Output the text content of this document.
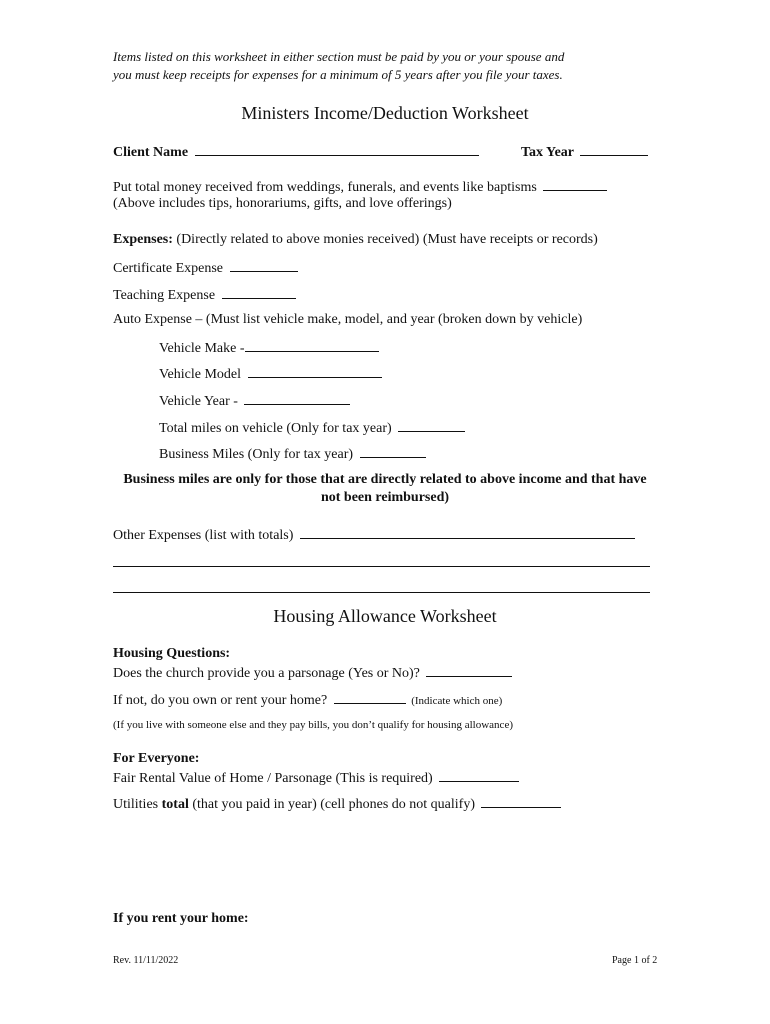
Items listed on this worksheet in either section must be paid by you or your spouse and
you must keep receipts for expenses for a minimum of 5 years after you file your taxes.
Ministers Income/Deduction Worksheet
Client Name	Tax Year
Put total money received from weddings, funerals, and events like baptisms
(Above includes tips, honorariums, gifts, and love offerings)
Expenses: (Directly related to above monies received) (Must have receipts or records)
Certificate Expense
Teaching Expense
Auto Expense – (Must list vehicle make, model, and year (broken down by vehicle)
Vehicle Make -
Vehicle Model
Vehicle Year -
Total miles on vehicle (Only for tax year)
Business Miles (Only for tax year)
Business miles are only for those that are directly related to above income and that have not been reimbursed)
Other Expenses (list with totals)
Housing Allowance Worksheet
Housing Questions:
Does the church provide you a parsonage (Yes or No)?
If not, do you own or rent your home?	(Indicate which one)
(If you live with someone else and they pay bills, you don’t qualify for housing allowance)
For Everyone:
Fair Rental Value of Home / Parsonage (This is required)
Utilities total (that you paid in year) (cell phones do not qualify)
If you rent your home:
Rev. 11/11/2022	Page 1 of 2
